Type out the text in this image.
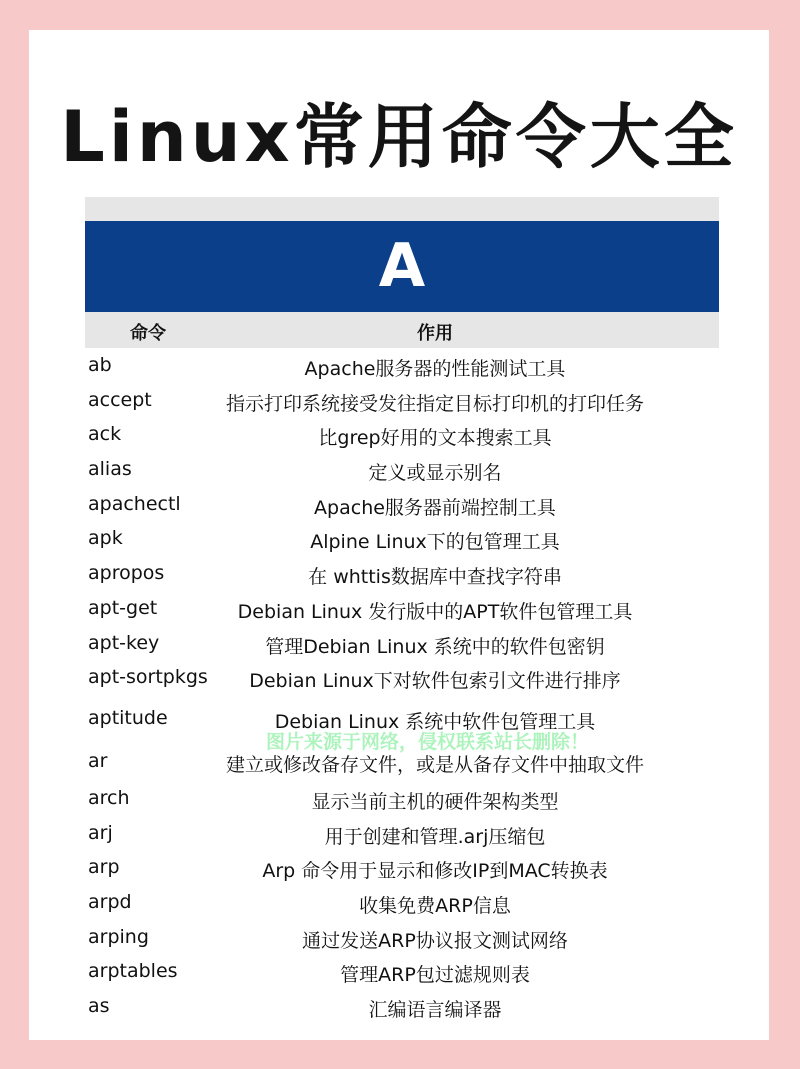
Linux常用命令大全
A
命令	作用
ab	Apache服务器的性能测试工具
accept	指示打印系统接受发往指定目标打印机的打印任务
ack	比grep好用的文本搜索工具
alias	定义或显示别名
apachectl	Apache服务器前端控制工具
apk	Alpine Linux下的包管理工具
apropos	在 whttis数据库中查找字符串
apt-get	Debian Linux 发行版中的APT软件包管理工具
apt-key	管理Debian Linux 系统中的软件包密钥
apt-sortpkgs Debian Linux下对软件包索引文件进行排序
aptitude	Debian Linux 系统中软件包管理工具
ar	建立或修改备存文件，或是从备存文件中抽取文件
arch	显示当前主机的硬件架构类型
arj	用于创建和管理.arj压缩包
arp	Arp 命令用于显示和修改IP到MAC转换表
arpd	收集免费ARP信息
arping	通过发送ARP协议报文测试网络
arptables	管理ARP包过滤规则表
as	汇编语言编译器
图片来源于网络，侵权联系站长删除！
